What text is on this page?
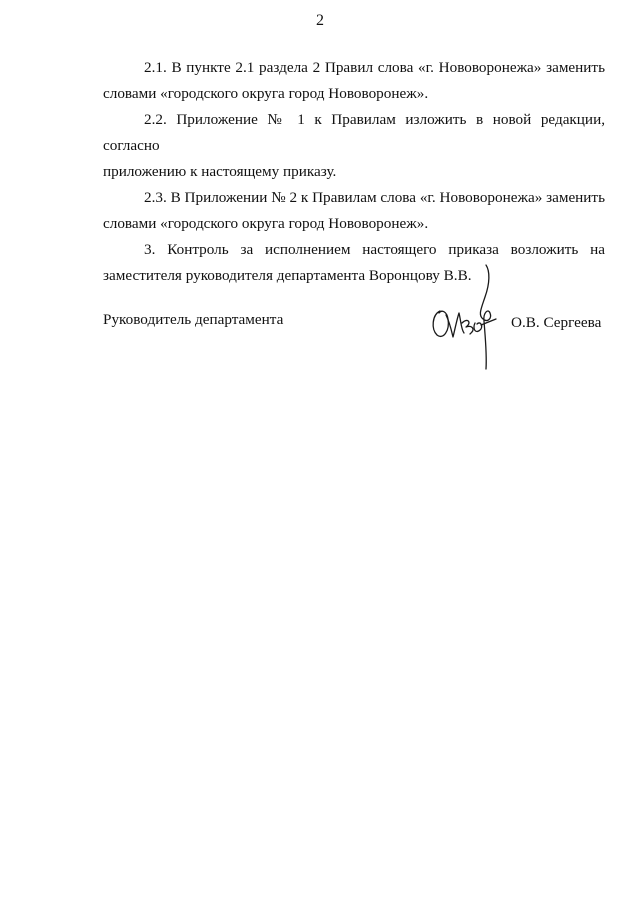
2

2.1. В пункте 2.1 раздела 2 Правил слова «г. Нововоронежа» заменить
словами «городского округа город Нововоронеж».

2.2. Приложение № 1 к Правилам изложить в новой редакции, согласно
приложению к настоящему приказу.

2.3. В Приложении № 2 к Правилам слова «г. Нововоронежа» заменить
словами «городского округа город Нововоронеж».

3. Контроль за исполнением настоящего приказа возложить на
заместителя руководителя департамента Воронцову В.В.

Руководитель департамента	О.В. Сергеева
